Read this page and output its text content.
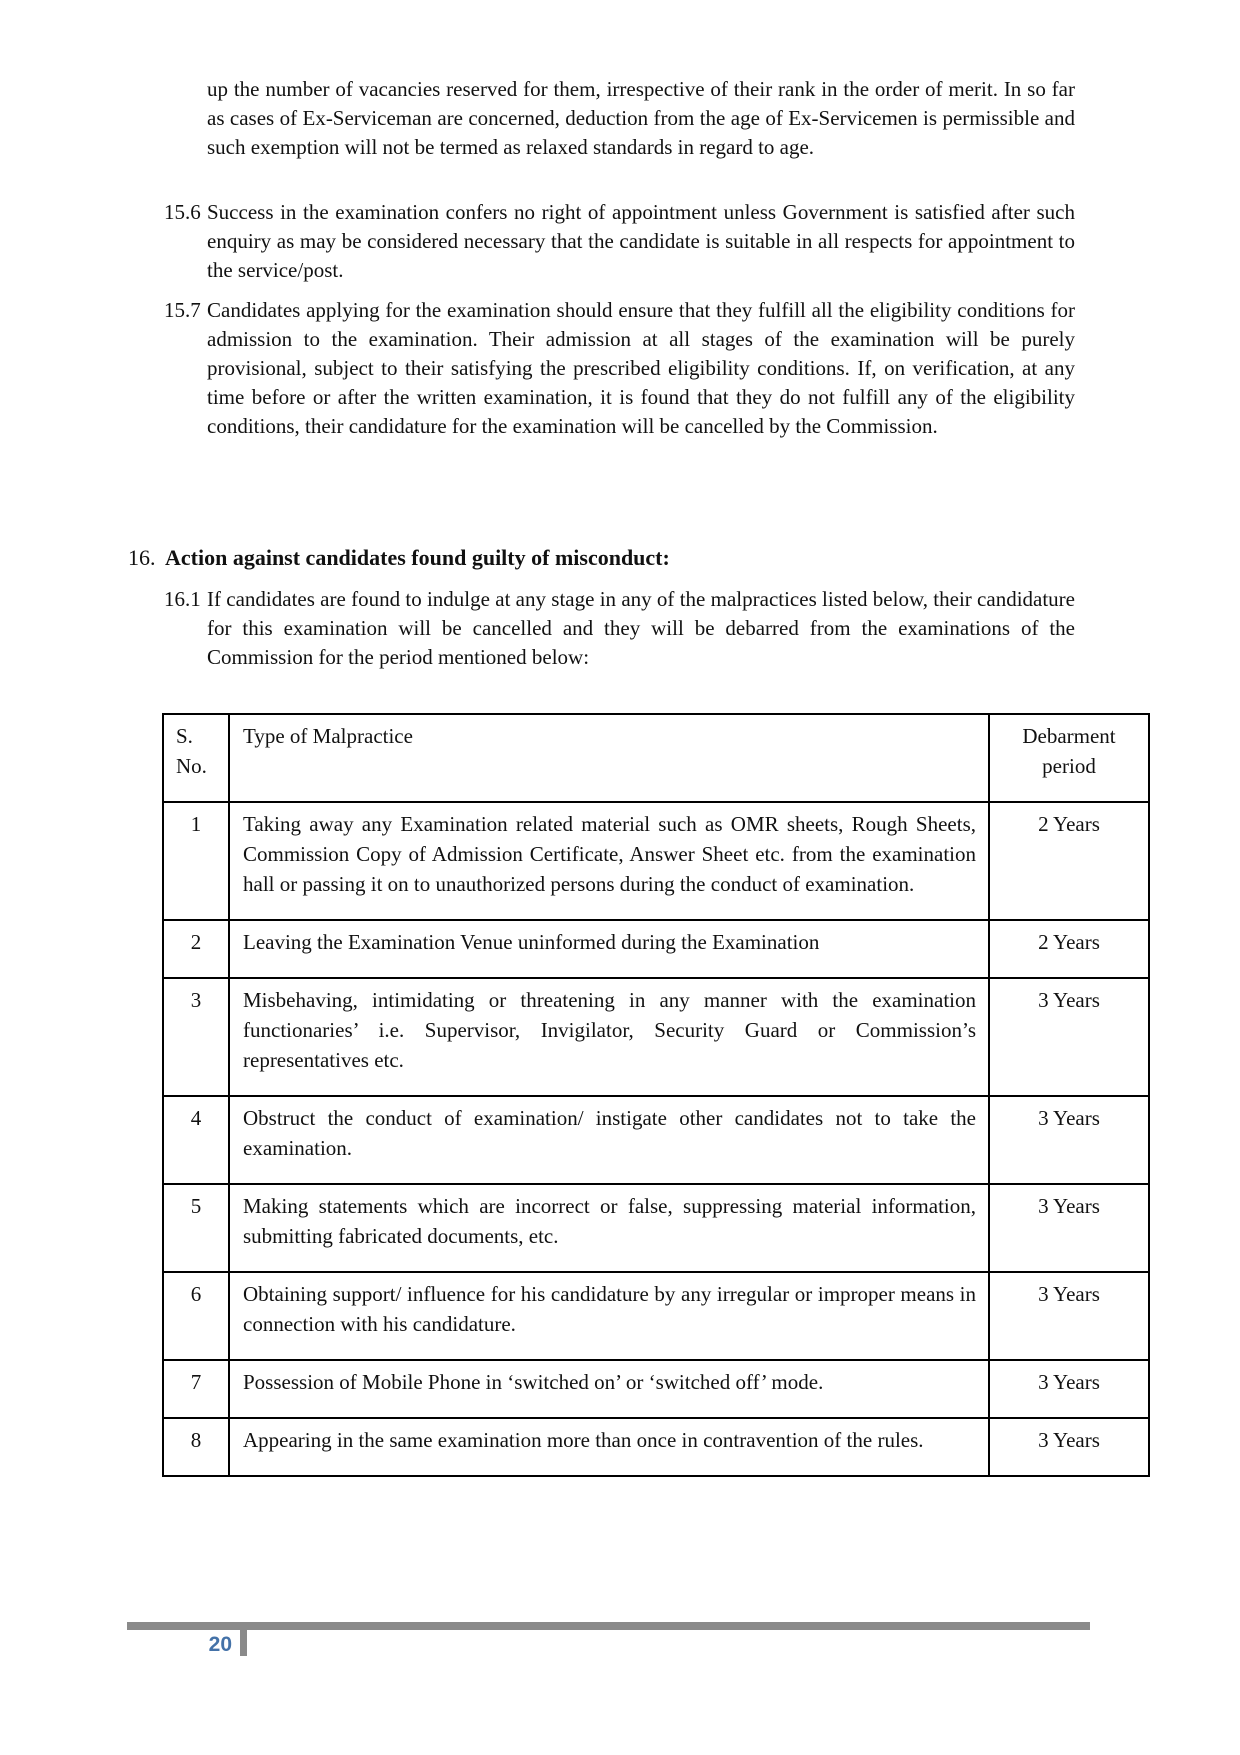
up the number of vacancies reserved for them, irrespective of their rank in the order of merit. In so far as cases of Ex-Serviceman are concerned, deduction from the age of Ex-Servicemen is permissible and such exemption will not be termed as relaxed standards in regard to age.
15.6 Success in the examination confers no right of appointment unless Government is satisfied after such enquiry as may be considered necessary that the candidate is suitable in all respects for appointment to the service/post.
15.7 Candidates applying for the examination should ensure that they fulfill all the eligibility conditions for admission to the examination. Their admission at all stages of the examination will be purely provisional, subject to their satisfying the prescribed eligibility conditions. If, on verification, at any time before or after the written examination, it is found that they do not fulfill any of the eligibility conditions, their candidature for the examination will be cancelled by the Commission.
16. Action against candidates found guilty of misconduct:
16.1 If candidates are found to indulge at any stage in any of the malpractices listed below, their candidature for this examination will be cancelled and they will be debarred from the examinations of the Commission for the period mentioned below:
S. No.	Type of Malpractice	Debarment period
1	Taking away any Examination related material such as OMR sheets, Rough Sheets, Commission Copy of Admission Certificate, Answer Sheet etc. from the examination hall or passing it on to unauthorized persons during the conduct of examination.	2 Years
2	Leaving the Examination Venue uninformed during the Examination	2 Years
3	Misbehaving, intimidating or threatening in any manner with the examination functionaries’ i.e. Supervisor, Invigilator, Security Guard or Commission’s representatives etc.	3 Years
4	Obstruct the conduct of examination/ instigate other candidates not to take the examination.	3 Years
5	Making statements which are incorrect or false, suppressing material information, submitting fabricated documents, etc.	3 Years
6	Obtaining support/ influence for his candidature by any irregular or improper means in connection with his candidature.	3 Years
7	Possession of Mobile Phone in ‘switched on’ or ‘switched off’ mode.	3 Years
8	Appearing in the same examination more than once in contravention of the rules.	3 Years
20
